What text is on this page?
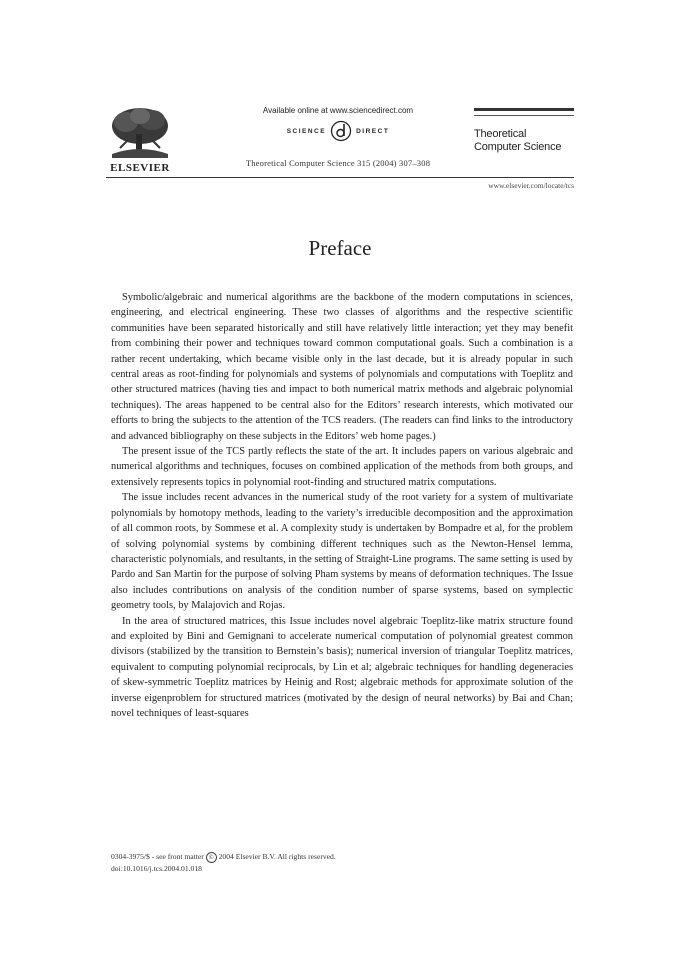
ELSEVIER
Available online at www.sciencedirect.com
SCIENCE	DIRECT
Theoretical Computer Science 315 (2004) 307–308
Theoretical
Computer Science
www.elsevier.com/locate/tcs
Preface

Symbolic/algebraic and numerical algorithms are the backbone of the modern computations in sciences, engineering, and electrical engineering. These two classes of algorithms and the respective scientific communities have been separated historically and still have relatively little interaction; yet they may benefit from combining their power and techniques toward common computational goals. Such a combination is a rather recent undertaking, which became visible only in the last decade, but it is already popular in such central areas as root-finding for polynomials and systems of polynomials and computations with Toeplitz and other structured matrices (having ties and impact to both numerical matrix methods and algebraic polynomial techniques). The areas happened to be central also for the Editors’ research interests, which motivated our efforts to bring the subjects to the attention of the TCS readers. (The readers can find links to the introductory and advanced bibliography on these subjects in the Editors’ web home pages.)

The present issue of the TCS partly reflects the state of the art. It includes papers on various algebraic and numerical algorithms and techniques, focuses on combined application of the methods from both groups, and extensively represents topics in polynomial root-finding and structured matrix computations.

The issue includes recent advances in the numerical study of the root variety for a system of multivariate polynomials by homotopy methods, leading to the variety’s irreducible decomposition and the approximation of all common roots, by Sommese et al. A complexity study is undertaken by Bompadre et al, for the problem of solving polynomial systems by combining different techniques such as the Newton-Hensel lemma, characteristic polynomials, and resultants, in the setting of Straight-Line programs. The same setting is used by Pardo and San Martin for the purpose of solving Pham systems by means of deformation techniques. The Issue also includes contributions on analysis of the condition number of sparse systems, based on symplectic geometry tools, by Malajovich and Rojas.

In the area of structured matrices, this Issue includes novel algebraic Toeplitz-like matrix structure found and exploited by Bini and Gemignani to accelerate numerical computation of polynomial greatest common divisors (stabilized by the transition to Bernstein’s basis); numerical inversion of triangular Toeplitz matrices, equivalent to computing polynomial reciprocals, by Lin et al; algebraic techniques for handling degeneracies of skew-symmetric Toeplitz matrices by Heinig and Rost; algebraic methods for approximate solution of the inverse eigenproblem for structured matrices (motivated by the design of neural networks) by Bai and Chan; novel techniques of least-squares

0304-3975/$ - see front matter © 2004 Elsevier B.V. All rights reserved.
doi:10.1016/j.tcs.2004.01.018
